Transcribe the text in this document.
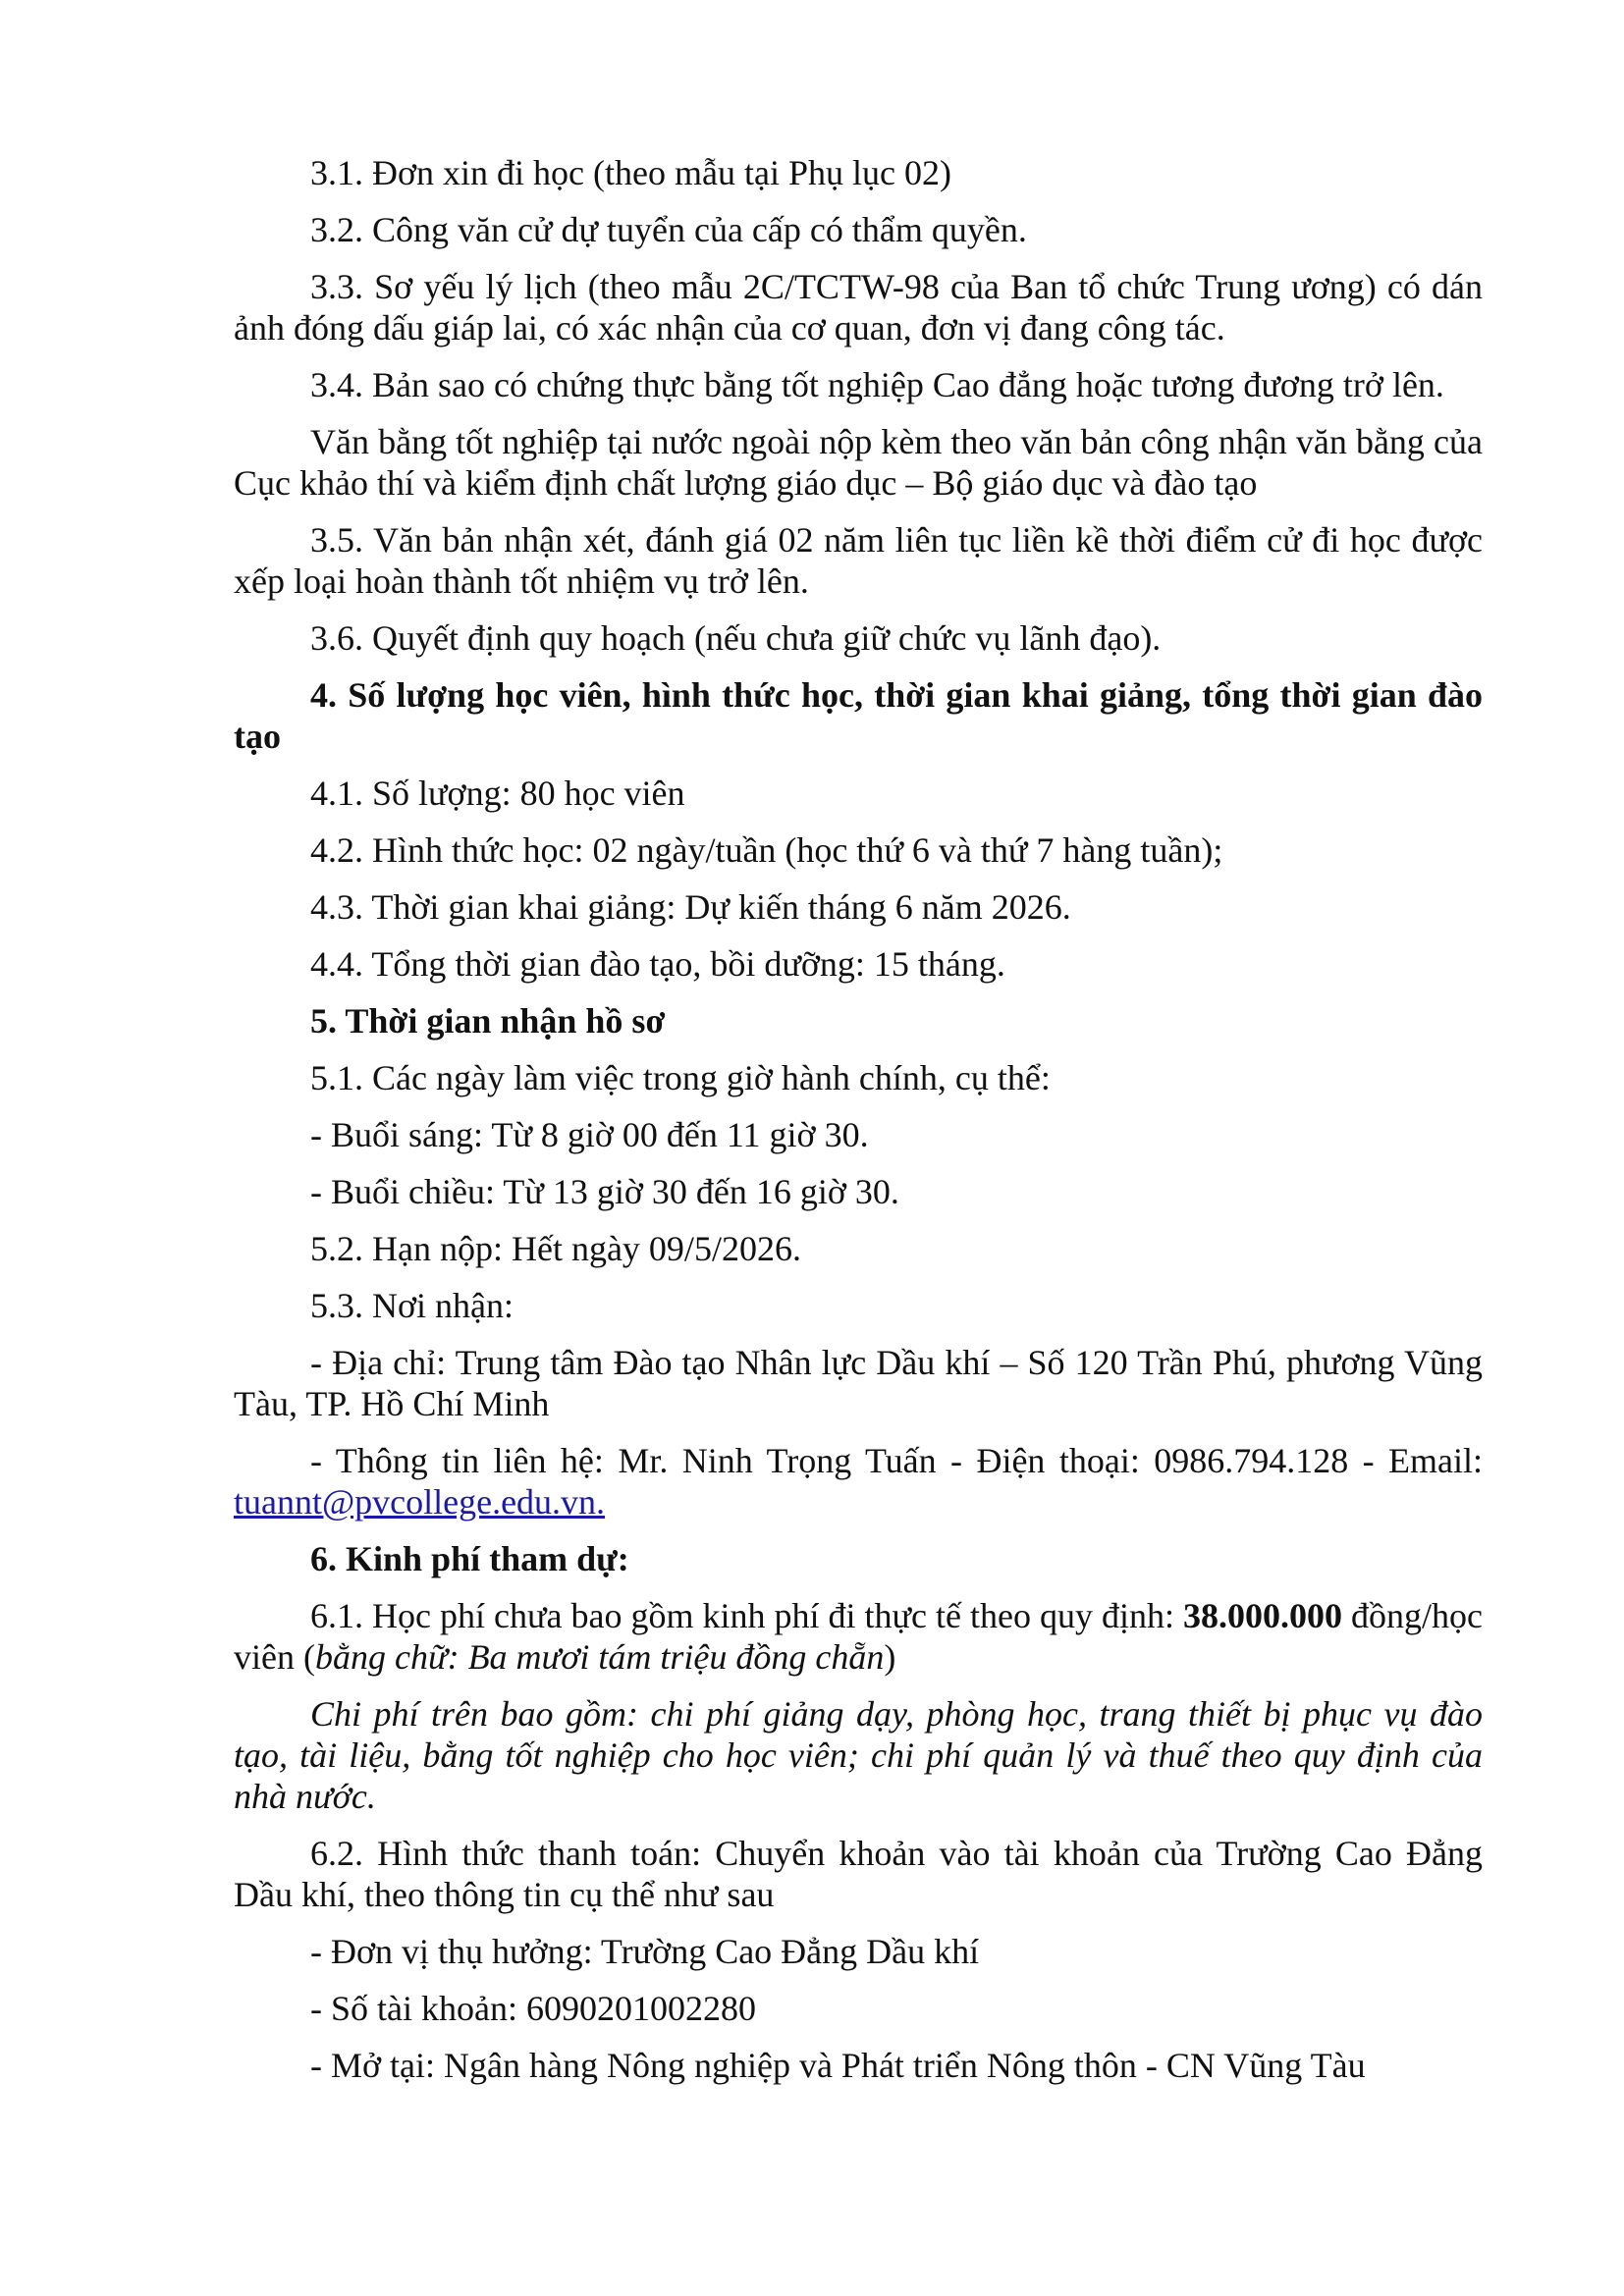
3.1. Đơn xin đi học (theo mẫu tại Phụ lục 02)

3.2. Công văn cử dự tuyển của cấp có thẩm quyền.

3.3. Sơ yếu lý lịch (theo mẫu 2C/TCTW-98 của Ban tổ chức Trung ương) có dán ảnh đóng dấu giáp lai, có xác nhận của cơ quan, đơn vị đang công tác.

3.4. Bản sao có chứng thực bằng tốt nghiệp Cao đẳng hoặc tương đương trở lên.

Văn bằng tốt nghiệp tại nước ngoài nộp kèm theo văn bản công nhận văn bằng của Cục khảo thí và kiểm định chất lượng giáo dục – Bộ giáo dục và đào tạo

3.5. Văn bản nhận xét, đánh giá 02 năm liên tục liền kề thời điểm cử đi học được xếp loại hoàn thành tốt nhiệm vụ trở lên.

3.6. Quyết định quy hoạch (nếu chưa giữ chức vụ lãnh đạo).

4. Số lượng học viên, hình thức học, thời gian khai giảng, tổng thời gian đào tạo

4.1. Số lượng: 80 học viên

4.2. Hình thức học: 02 ngày/tuần (học thứ 6 và thứ 7 hàng tuần);

4.3. Thời gian khai giảng: Dự kiến tháng 6 năm 2026.

4.4. Tổng thời gian đào tạo, bồi dưỡng: 15 tháng.

5. Thời gian nhận hồ sơ

5.1. Các ngày làm việc trong giờ hành chính, cụ thể:

- Buổi sáng: Từ 8 giờ 00 đến 11 giờ 30.

- Buổi chiều: Từ 13 giờ 30 đến 16 giờ 30.

5.2. Hạn nộp: Hết ngày 09/5/2026.

5.3. Nơi nhận:

- Địa chỉ: Trung tâm Đào tạo Nhân lực Dầu khí – Số 120 Trần Phú, phương Vũng Tàu, TP. Hồ Chí Minh

- Thông tin liên hệ: Mr. Ninh Trọng Tuấn - Điện thoại: 0986.794.128 - Email: tuannt@pvcollege.edu.vn.

6. Kinh phí tham dự:

6.1. Học phí chưa bao gồm kinh phí đi thực tế theo quy định: 38.000.000 đồng/học viên (bằng chữ: Ba mươi tám triệu đồng chẵn)

Chi phí trên bao gồm: chi phí giảng dạy, phòng học, trang thiết bị phục vụ đào tạo, tài liệu, bằng tốt nghiệp cho học viên; chi phí quản lý và thuế theo quy định của nhà nước.

6.2. Hình thức thanh toán: Chuyển khoản vào tài khoản của Trường Cao Đẳng Dầu khí, theo thông tin cụ thể như sau

- Đơn vị thụ hưởng: Trường Cao Đẳng Dầu khí

- Số tài khoản: 6090201002280

- Mở tại: Ngân hàng Nông nghiệp và Phát triển Nông thôn - CN Vũng Tàu
